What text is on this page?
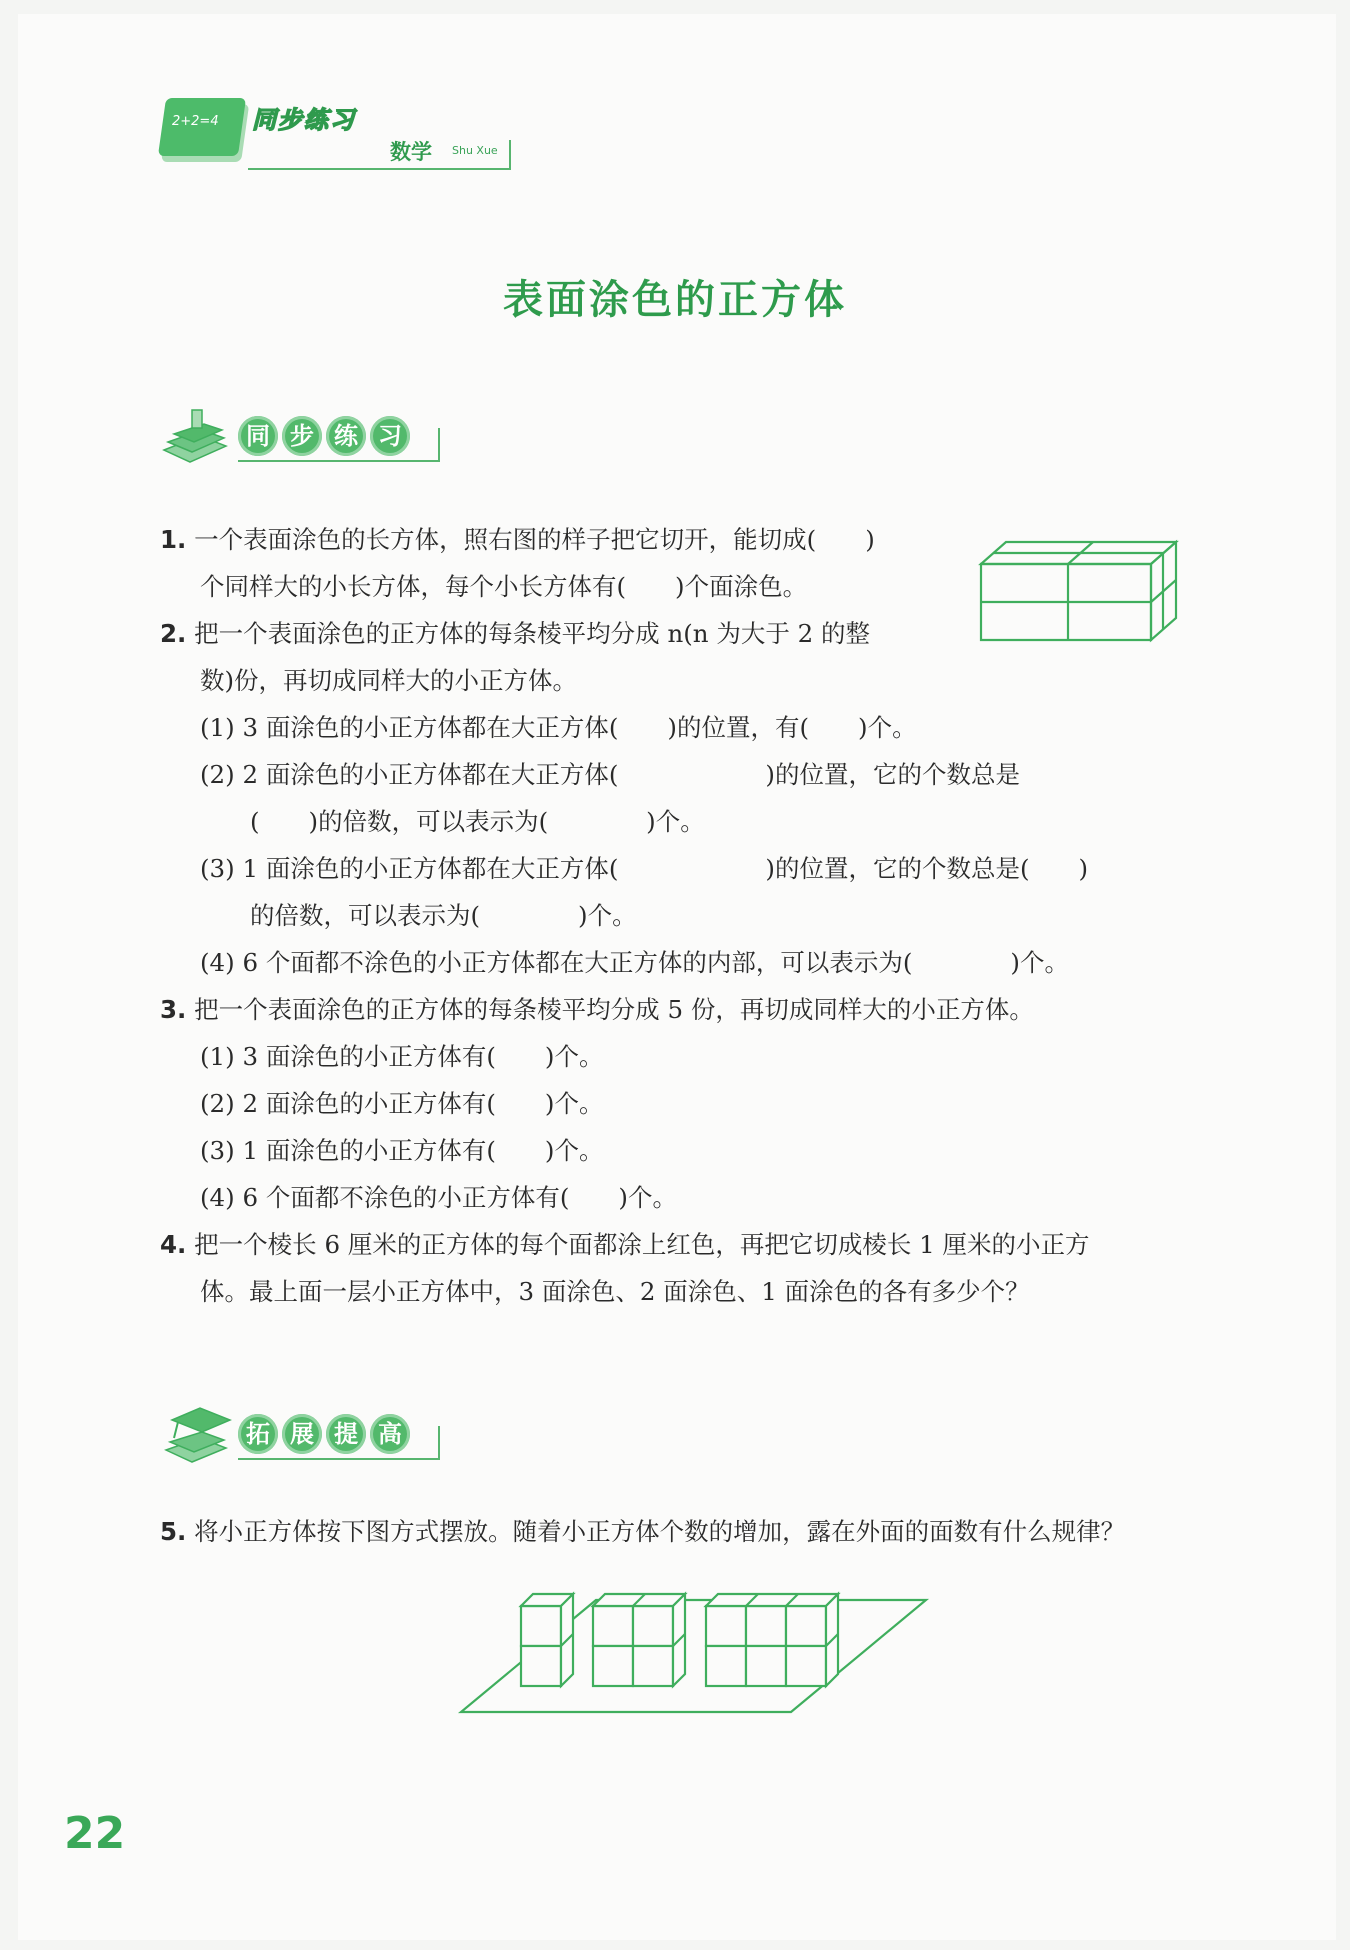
2+2=4 同步练习
数学 Shu Xue
表面涂色的正方体
同 步 练 习
1. 一个表面涂色的长方体，照右图的样子把它切开，能切成(　　)
个同样大的小长方体，每个小长方体有(　　)个面涂色。
2. 把一个表面涂色的正方体的每条棱平均分成 n(n 为大于 2 的整
数)份，再切成同样大的小正方体。
(1) 3 面涂色的小正方体都在大正方体(　　)的位置，有(　　)个。
(2) 2 面涂色的小正方体都在大正方体(　　　　　　)的位置，它的个数总是
(　　)的倍数，可以表示为(　　　　)个。
(3) 1 面涂色的小正方体都在大正方体(　　　　　　)的位置，它的个数总是(　　)
的倍数，可以表示为(　　　　)个。
(4) 6 个面都不涂色的小正方体都在大正方体的内部，可以表示为(　　　　)个。
3. 把一个表面涂色的正方体的每条棱平均分成 5 份，再切成同样大的小正方体。
(1) 3 面涂色的小正方体有(　　)个。
(2) 2 面涂色的小正方体有(　　)个。
(3) 1 面涂色的小正方体有(　　)个。
(4) 6 个面都不涂色的小正方体有(　　)个。
4. 把一个棱长 6 厘米的正方体的每个面都涂上红色，再把它切成棱长 1 厘米的小正方
体。最上面一层小正方体中，3 面涂色、2 面涂色、1 面涂色的各有多少个？
拓 展 提 高
5. 将小正方体按下图方式摆放。随着小正方体个数的增加，露在外面的面数有什么规律？
22
